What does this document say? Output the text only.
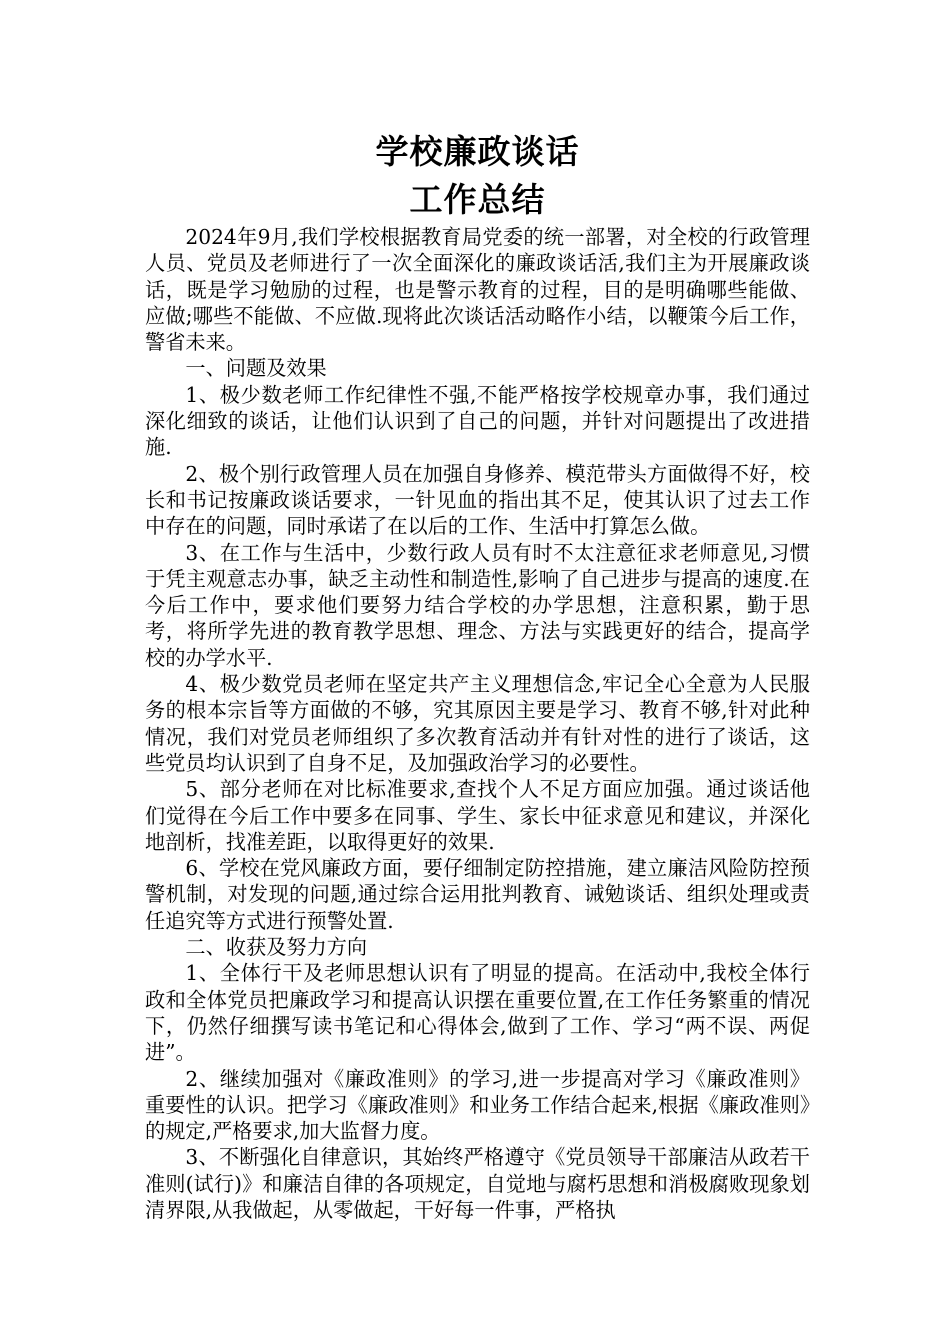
学校廉政谈话
工作总结

2024年9月,我们学校根据教育局党委的统一部署，对全校的行政管理人员、党员及老师进行了一次全面深化的廉政谈话活,我们主为开展廉政谈话，既是学习勉励的过程，也是警示教育的过程，目的是明确哪些能做、应做;哪些不能做、不应做.现将此次谈话活动略作小结，以鞭策今后工作，警省未来。

一、问题及效果

1、极少数老师工作纪律性不强,不能严格按学校规章办事，我们通过深化细致的谈话，让他们认识到了自己的问题，并针对问题提出了改进措施.

2、极个别行政管理人员在加强自身修养、模范带头方面做得不好，校长和书记按廉政谈话要求，一针见血的指出其不足，使其认识了过去工作中存在的问题，同时承诺了在以后的工作、生活中打算怎么做。

3、在工作与生活中，少数行政人员有时不太注意征求老师意见,习惯于凭主观意志办事，缺乏主动性和制造性,影响了自己进步与提高的速度.在今后工作中，要求他们要努力结合学校的办学思想，注意积累，勤于思考，将所学先进的教育教学思想、理念、方法与实践更好的结合，提高学校的办学水平.

4、极少数党员老师在坚定共产主义理想信念,牢记全心全意为人民服务的根本宗旨等方面做的不够，究其原因主要是学习、教育不够,针对此种情况，我们对党员老师组织了多次教育活动并有针对性的进行了谈话，这些党员均认识到了自身不足，及加强政治学习的必要性。

5、部分老师在对比标准要求,查找个人不足方面应加强。通过谈话他们觉得在今后工作中要多在同事、学生、家长中征求意见和建议，并深化地剖析，找准差距，以取得更好的效果.

6、学校在党风廉政方面，要仔细制定防控措施，建立廉洁风险防控预警机制，对发现的问题,通过综合运用批判教育、诫勉谈话、组织处理或责任追究等方式进行预警处置.

二、收获及努力方向

1、全体行干及老师思想认识有了明显的提高。在活动中,我校全体行政和全体党员把廉政学习和提高认识摆在重要位置,在工作任务繁重的情况下，仍然仔细撰写读书笔记和心得体会,做到了工作、学习“两不误、两促进”。

2、继续加强对《廉政准则》的学习,进一步提高对学习《廉政准则》重要性的认识。把学习《廉政准则》和业务工作结合起来,根据《廉政准则》的规定,严格要求,加大监督力度。

3、不断强化自律意识，其始终严格遵守《党员领导干部廉洁从政若干准则(试行)》和廉洁自律的各项规定，自觉地与腐朽思想和消极腐败现象划清界限,从我做起，从零做起，干好每一件事，严格执
